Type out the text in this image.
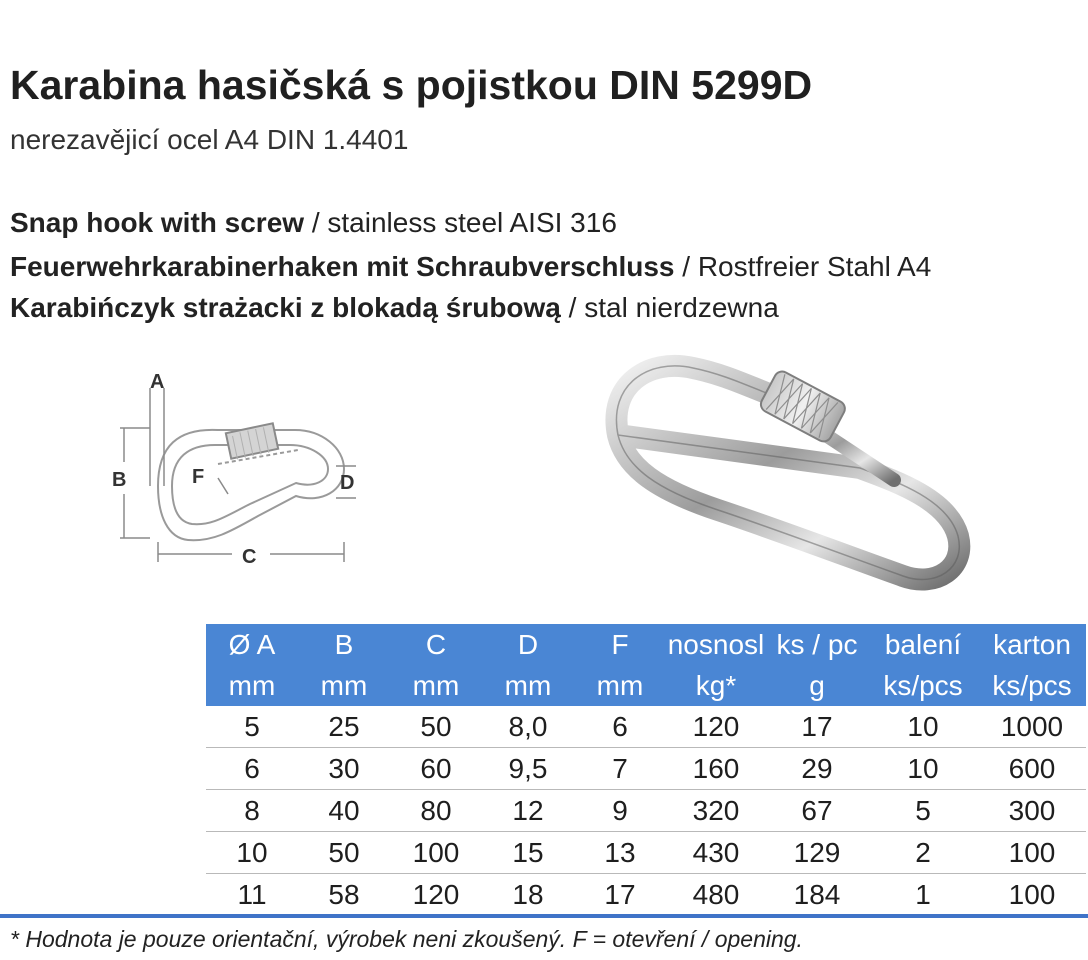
Karabina hasičská s pojistkou DIN 5299D
nerezavějicí ocel A4 DIN 1.4401
Snap hook with screw / stainless steel AISI 316
Feuerwehrkarabinerhaken mit Schraubverschluss / Rostfreier Stahl A4
Karabińczyk strażacki z blokadą śrubową / stal nierdzewna
A
B
C
D
F
Ø A	B	C	D	F	nosnosl	ks / pc	balení	karton
mm	mm	mm	mm	mm	kg*	g	ks/pcs	ks/pcs
5	25	50	8,0	6	120	17	10	1000
6	30	60	9,5	7	160	29	10	600
8	40	80	12	9	320	67	5	300
10	50	100	15	13	430	129	2	100
11	58	120	18	17	480	184	1	100
* Hodnota je pouze orientační, výrobek neni zkoušený. F = otevření / opening.
